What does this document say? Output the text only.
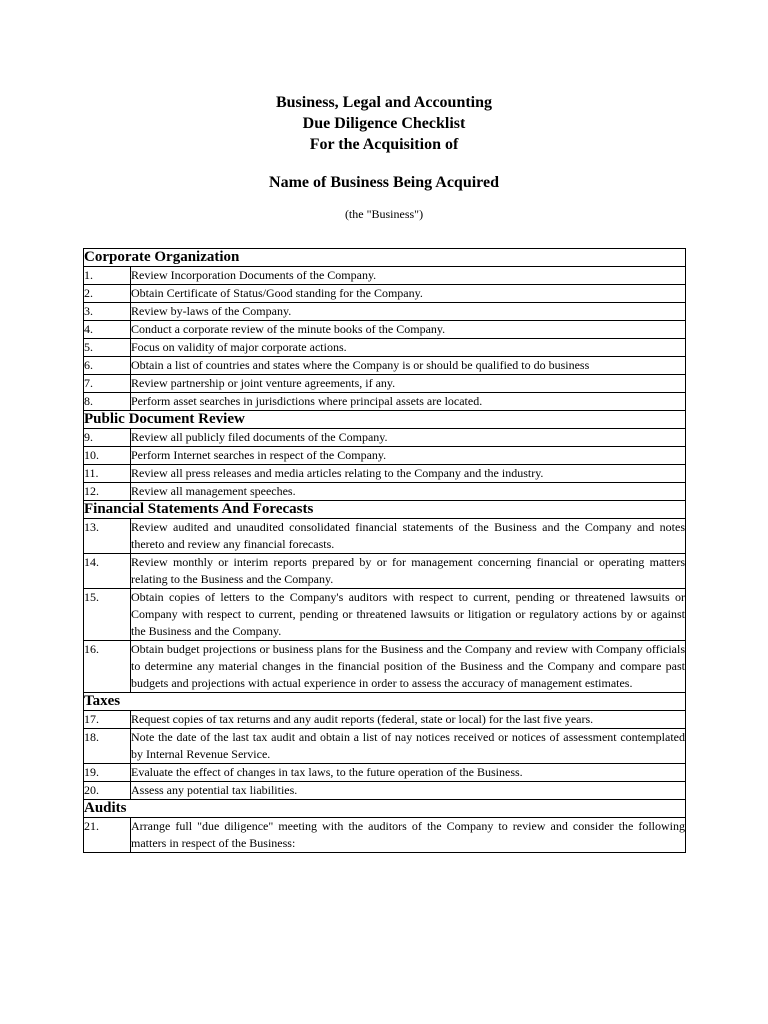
Business, Legal and Accounting
Due Diligence Checklist
For the Acquisition of
Name of Business Being Acquired
(the "Business")
Corporate Organization	
1.	Review Incorporation Documents of the Company.
2.	Obtain Certificate of Status/Good standing for the Company.
3.	Review by-laws of the Company.
4.	Conduct a corporate review of the minute books of the Company.
5.	Focus on validity of major corporate actions.
6.	Obtain a list of countries and states where the Company is or should be qualified to do business
7.	Review partnership or joint venture agreements, if any.
8.	Perform asset searches in jurisdictions where principal assets are located.
Public Document Review	
9.	Review all publicly filed documents of the Company.
10.	Perform Internet searches in respect of the Company.
11.	Review all press releases and media articles relating to the Company and the industry.
12.	Review all management speeches.
Financial Statements And Forecasts	
13.	Review audited and unaudited consolidated financial statements of the Business and the Company and notes thereto and review any financial forecasts.
14.	Review monthly or interim reports prepared by or for management concerning financial or operating matters relating to the Business and the Company.
15.	Obtain copies of letters to the Company's auditors with respect to current, pending or threatened lawsuits or Company with respect to current, pending or threatened lawsuits or litigation or regulatory actions by or against the Business and the Company.
16.	Obtain budget projections or business plans for the Business and the Company and review with Company officials to determine any material changes in the financial position of the Business and the Company and compare past budgets and projections with actual experience in order to assess the accuracy of management estimates.
Taxes	
17.	Request copies of tax returns and any audit reports (federal, state or local) for the last five years.
18.	Note the date of the last tax audit and obtain a list of nay notices received or notices of assessment contemplated by Internal Revenue Service.
19.	Evaluate the effect of changes in tax laws, to the future operation of the Business.
20.	Assess any potential tax liabilities.
Audits	
21.	Arrange full "due diligence" meeting with the auditors of the Company to review and consider the following matters in respect of the Business:
